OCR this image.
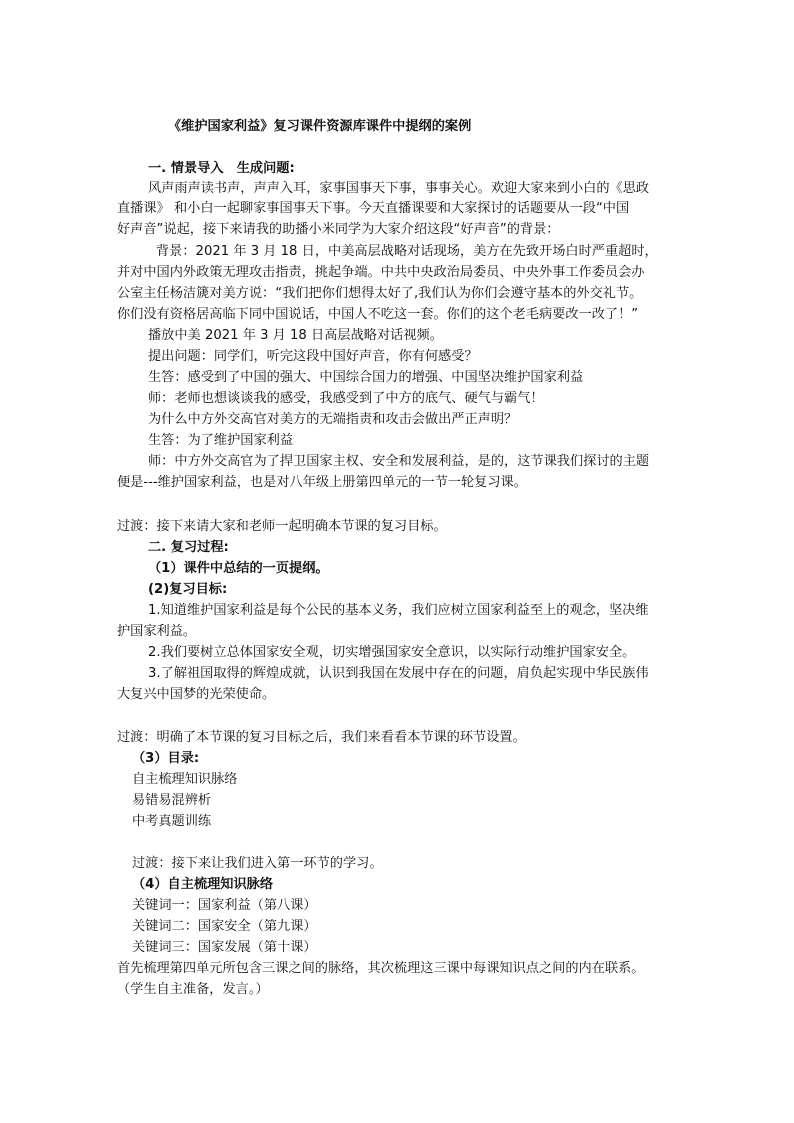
《维护国家利益》复习课件资源库课件中提纲的案例
一. 情景导入　生成问题:
风声雨声读书声，声声入耳，家事国事天下事，事事关心。欢迎大家来到小白的《思政
直播课》 和小白一起聊家事国事天下事。今天直播课要和大家探讨的话题要从一段“中国
好声音”说起，接下来请我的助播小米同学为大家介绍这段“好声音”的背景：
背景：2021 年 3 月 18 日，中美高层战略对话现场，美方在先致开场白时严重超时，
并对中国内外政策无理攻击指责，挑起争端。中共中央政治局委员、中央外事工作委员会办
公室主任杨洁篪对美方说：“我们把你们想得太好了,我们认为你们会遵守基本的外交礼节。
你们没有资格居高临下同中国说话，中国人不吃这一套。你们的这个老毛病要改一改了！”
播放中美 2021 年 3 月 18 日高层战略对话视频。
提出问题：同学们，听完这段中国好声音，你有何感受？
生答：感受到了中国的强大、中国综合国力的增强、中国坚决维护国家利益
师：老师也想谈谈我的感受，我感受到了中方的底气、硬气与霸气！
为什么中方外交高官对美方的无端指责和攻击会做出严正声明？
生答：为了维护国家利益
师：中方外交高官为了捍卫国家主权、安全和发展利益，是的，这节课我们探讨的主题
便是---维护国家利益，也是对八年级上册第四单元的一节一轮复习课。
过渡：接下来请大家和老师一起明确本节课的复习目标。
二. 复习过程:
（1）课件中总结的一页提纲。
(2)复习目标:
1.知道维护国家利益是每个公民的基本义务，我们应树立国家利益至上的观念，坚决维
护国家利益。
2.我们要树立总体国家安全观，切实增强国家安全意识，以实际行动维护国家安全。
3.了解祖国取得的辉煌成就，认识到我国在发展中存在的问题，肩负起实现中华民族伟
大复兴中国梦的光荣使命。
过渡：明确了本节课的复习目标之后，我们来看看本节课的环节设置。
（3）目录:
自主梳理知识脉络
易错易混辨析
中考真题训练
过渡：接下来让我们进入第一环节的学习。
（4）自主梳理知识脉络
关键词一：国家利益（第八课）
关键词二：国家安全（第九课）
关键词三：国家发展（第十课）
首先梳理第四单元所包含三课之间的脉络，其次梳理这三课中每课知识点之间的内在联系。
（学生自主准备，发言。）
